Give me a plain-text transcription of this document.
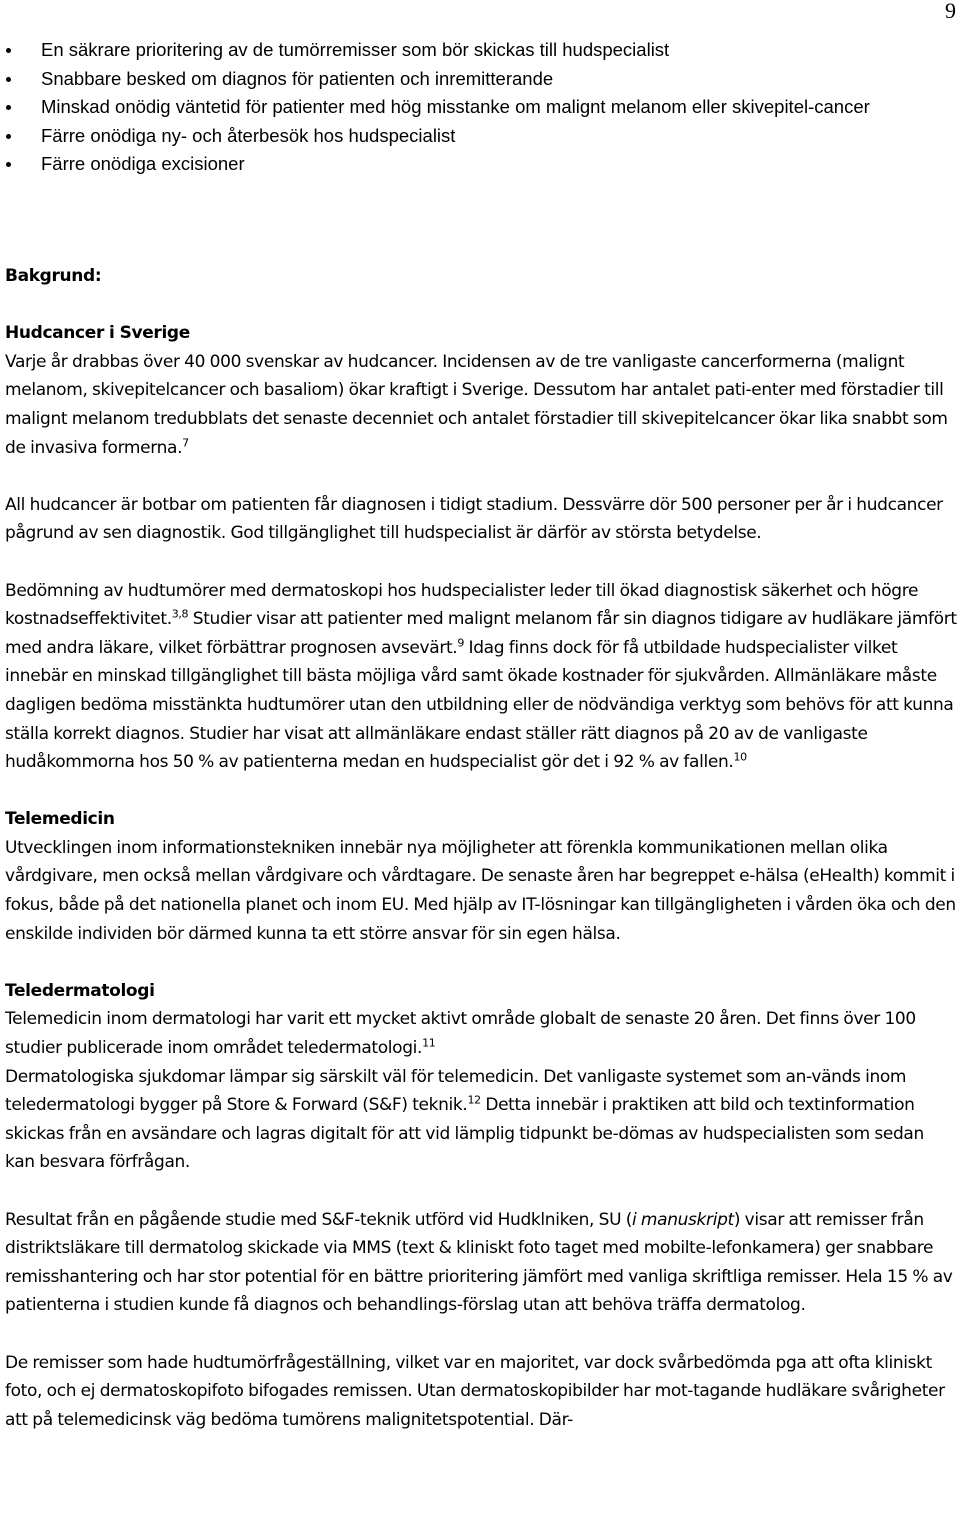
9
En säkrare prioritering av de tumörremisser som bör skickas till hudspecialist
Snabbare besked om diagnos för patienten och inremitterande
Minskad onödig väntetid för patienter med hög misstanke om malignt melanom eller skivepitel-cancer
Färre onödiga ny- och återbesök hos hudspecialist
Färre onödiga excisioner
Bakgrund:
Hudcancer i Sverige

Varje år drabbas över 40 000 svenskar av hudcancer. Incidensen av de tre vanligaste cancerformerna (malignt melanom, skivepitelcancer och basaliom) ökar kraftigt i Sverige. Dessutom har antalet pati-enter med förstadier till malignt melanom tredubblats det senaste decenniet och antalet förstadier till skivepitelcancer ökar lika snabbt som de invasiva formerna.$^7$

All hudcancer är botbar om patienten får diagnosen i tidigt stadium. Dessvärre dör 500 personer per år i hudcancer pågrund av sen diagnostik. God tillgänglighet till hudspecialist är därför av största betydelse.

Bedömning av hudtumörer med dermatoskopi hos hudspecialister leder till ökad diagnostisk säkerhet och högre kostnadseffektivitet.$^{3,8}$ Studier visar att patienter med malignt melanom får sin diagnos tidigare av hudläkare jämfört med andra läkare, vilket förbättrar prognosen avsevärt.$^9$ Idag finns dock för få utbildade hudspecialister vilket innebär en minskad tillgänglighet till bästa möjliga vård samt ökade kostnader för sjukvården. Allmänläkare måste dagligen bedöma misstänkta hudtumörer utan den utbildning eller de nödvändiga verktyg som behövs för att kunna ställa korrekt diagnos. Studier har visat att allmänläkare endast ställer rätt diagnos på 20 av de vanligaste hudåkommorna hos 50 % av patienterna medan en hudspecialist gör det i 92 % av fallen.$^{10}$

Telemedicin

Utvecklingen inom informationstekniken innebär nya möjligheter att förenkla kommunikationen mellan olika vårdgivare, men också mellan vårdgivare och vårdtagare. De senaste åren har begreppet e-hälsa (eHealth) kommit i fokus, både på det nationella planet och inom EU. Med hjälp av IT-lösningar kan tillgängligheten i vården öka och den enskilde individen bör därmed kunna ta ett större ansvar för sin egen hälsa.

Teledermatologi

Telemedicin inom dermatologi har varit ett mycket aktivt område globalt de senaste 20 åren. Det finns över 100 studier publicerade inom området teledermatologi.$^{11}$

Dermatologiska sjukdomar lämpar sig särskilt väl för telemedicin. Det vanligaste systemet som an-vänds inom teledermatologi bygger på Store & Forward (S&F) teknik.$^{12}$ Detta innebär i praktiken att bild och textinformation skickas från en avsändare och lagras digitalt för att vid lämplig tidpunkt be-dömas av hudspecialisten som sedan kan besvara förfrågan.

Resultat från en pågående studie med S&F-teknik utförd vid Hudklniken, SU (i manuskript) visar att remisser från distriktsläkare till dermatolog skickade via MMS (text & kliniskt foto taget med mobilte-lefonkamera) ger snabbare remisshantering och har stor potential för en bättre prioritering jämfört med vanliga skriftliga remisser. Hela 15 % av patienterna i studien kunde få diagnos och behandlings-förslag utan att behöva träffa dermatolog.

De remisser som hade hudtumörfrågeställning, vilket var en majoritet, var dock svårbedömda pga att ofta kliniskt foto, och ej dermatoskopifoto bifogades remissen. Utan dermatoskopibilder har mot-tagande hudläkare svårigheter att på telemedicinsk väg bedöma tumörens malignitetspotential. Där-
